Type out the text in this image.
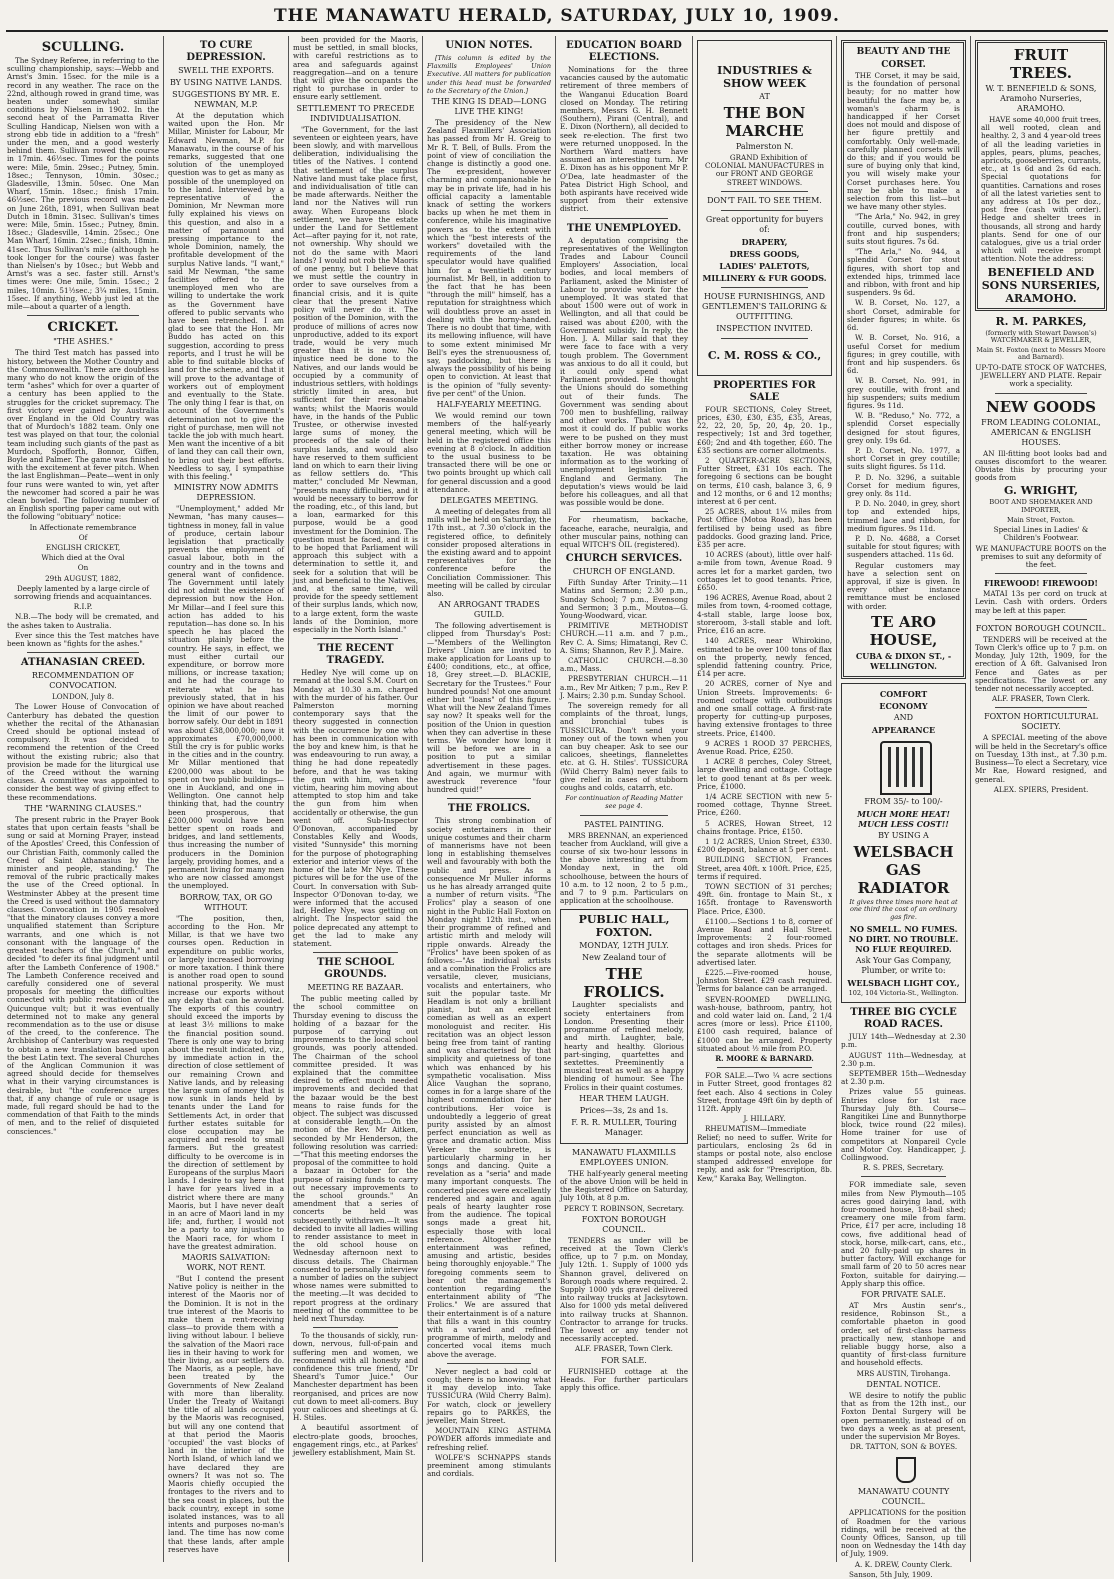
THE MANAWATU HERALD, SATURDAY, JULY 10, 1909.
SCULLING.

The Sydney Referee, in referring to the sculling championship, says:—Webb and Arnst's 3min. 15sec. for the mile is a record in any weather. The race on the 22nd, although rowed in grand time, was beaten under somewhat similar conditions by Nielsen in 1902. In the second heat of the Parramatta River Sculling Handicap, Nielsen won with a strong ebb tide in addition to a "fresh" under the men, and a good westerly behind them. Sullivan rowed the course in 17min. 46½sec. Times for the points were: Mile, 5min. 29sec.; Putney, 5min. 18sec.; Tennyson, 10min. 30sec.; Gladesville, 13min. 50sec. One Man Wharf, 15min. 18sec.; finish 17min. 46½sec. The previous record was made on June 26th, 1891, when Sullivan beat Dutch in 18min. 31sec. Sullivan's times were: Mile, 5min. 15sec.; Putney, 8min. 18sec.; Gladesville, 14min. 25sec.; One Man Wharf, 16min. 22sec.; finish, 18min. 41sec. Thus Sullivan's mile (although he took longer for the course) was faster than Nielsen's by 10sec.; but Webb and Arnst's was a sec. faster still. Arnst's times were: One mile, 5min. 15sec.; 2 miles, 10min. 51½sec.; 3¼ miles, 15min. 15sec. If anything, Webb just led at the mile—about a quarter of a length.

CRICKET.
"THE ASHES."

The third Test match has passed into history, between the Mother Country and the Commonwealth. There are doubtless many who do not know the origin of the term "ashes" which for over a quarter of a century has been applied to the struggles for the cricket supremacy. The first victory ever gained by Australia over England in the Old Country was that of Murdoch's 1882 team. Only one test was played on that tour, the colonial team including such giants of the past as Murdoch, Spofforth, Bonnor, Giffen, Boyle and Palmer. The game was finished with the excitement at fever pitch. When the last Englishman—Peate—went in only four runs were wanted to win, yet after the newcomer had scored a pair he was clean bowled. The following number of an English sporting paper came out with the following "obituary" notice:

In Affectionate remembrance

Of

ENGLISH CRICKET,

Which died at the Oval

On

29th AUGUST, 1882,

Deeply lamented by a large circle of sorrowing friends and acquaintances.

R.I.P.

N.B.—The body will be cremated, and the ashes taken to Australia.

Ever since this the Test matches have been known as "fights for the ashes."

ATHANASIAN CREED.
RECOMMENDATION OF CONVOCATION.

LONDON, July 8.

The Lower House of Convocation of Canterbury has debated the question whether the recital of the Athanasian Creed should be optional instead of compulsory. It was decided to recommend the retention of the Creed without the existing rubric; also that provision be made for the liturgical use of the Creed without the warning clauses. A committee was appointed to consider the best way of giving effect to these recommendations.

THE "WARNING CLAUSES."

The present rubric in the Prayer Book states that upon certain feasts "shall be sung or said at Morning Prayer, instead of the Apostles' Creed, this Confession of our Christian Faith, commonly called the Creed of Saint Athanasius by the minister and people, standing." The removal of the rubric practically makes the use of the Creed optional. In Westminster Abbey at the present time the Creed is used without the damnatory clauses. Convocation in 1905 resolved "that the minatory clauses convey a more unqualified statement than Scripture warrants, and one which is not consonant with the language of the greatest teachers of the Church," and decided "to defer its final judgment until after the Lambeth Conference of 1908." The Lambeth Conference received and carefully considered one of several proposals for meeting the difficulties connected with public recitation of the Quicunque vult; but it was eventually determined not to make any general recommendation as to the use or disuse of the creed, to the conference. The Archbishop of Canterbury was requested to obtain a new translation based upon the best Latin text. The several Churches of the Anglican Communion it was agreed should decide for themselves what in their varying circumstances is desirable, but "the conference urges that, if any change of rule or usage is made, full regard should be had to the commendation of that Faith to the minds of men, and to the relief of disquieted consciences."

TO CURE DEPRESSION.
SWELL THE EXPORTS.
BY USING NATIVE LANDS.
SUGGESTIONS BY MR. E. NEWMAN, M.P.

At the deputation which waited upon the Hon. Mr Millar, Minister for Labour, Mr Edward Newman, M.P. for Manawatu, in the course of his remarks, suggested that one solution of the unemployed question was to get as many as possible of the unemployed on to the land. Interviewed by a representative of the Dominion, Mr Newman more fully explained his views on this question, and also in a matter of paramount and pressing importance to the whole Dominion, namely, the profitable development of the surplus Native lands. "I want," said Mr Newman, "the same facilities offered to the unemployed men who are willing to undertake the work as the Government have offered to public servants who have been retrenched. I am glad to see that the Hon. Mr Buddo has acted on this suggestion, according to press reports, and I trust he will be able to find suitable blocks of land for the scheme, and that it will prove to the advantage of workers out of employment and eventually to the State. The only thing I fear is that, on account of the Government's determination not to give the right of purchase, men will not tackle the job with much heart. Men want the incentive of a bit of land they can call their own, to bring out their best efforts. Needless to say, I sympathise with this feeling."

MINISTRY NOW ADMITS DEPRESSION.

"Unemployment," added Mr Newman, "has many causes—tightness in money, fall in value of produce, certain labour legislation that practically prevents the employment of casual labour, both in the country and in the towns and general want of confidence. The Government until lately did not admit the existence of depression but now the Hon. Mr Millar—and I feel sure this action has added to his reputation—has done so. In his speech he has placed the situation plainly before the country. He says, in effect, we must either curtail our expenditure, or borrow more millions, or increase taxation; and he had the courage to reiterate what he has previously stated, that in his opinion we have about reached the limit of our power to borrow safely. Our debt in 1891 was about £38,000,000; now it approximates £70,000,000. Still the cry is for public works in the cities and in the country. Mr Millar mentioned that £200,000 was about to be spent on two public buildings—one in Auckland, and one in Wellington. One cannot help thinking that, had the country been prosperous, that £200,000 would have been better spent on roads and bridges, and land settlements, thus increasing the number of producers in the Dominion largely, providing homes, and a permanent living for many men who are now classed amongst the unemployed.

BORROW, TAX, OR GO WITHOUT.

"The position, then, according to the Hon. Mr Millar, is that we have two courses open. Reduction in expenditure on public works, or largely increased borrowing or more taxation. I think there is another road open to sound national prosperity. We must increase our exports without any delay that can be avoided. The exports of this country should exceed the imports by at least 3½ millions to make the financial position sound. There is only one way to bring about the result indicated, viz., by immediate action in the direction of close settlement of our remaining Crown and Native lands, and by releasing the large sum of money that is now sunk in lands held by tenants under the Land for Settlements Act, in order that further estates suitable for close occupation may be acquired and resold to small farmers. But the greatest difficulty to be overcome is in the direction of settlement by Europeans of the surplus Maori lands. I desire to say here that I have for years lived in a district where there are many Maoris, but I have never dealt in an acre of Maori land in my life; and, further, I would not be a party to any injustice to the Maori race, for whom I have the greatest admiration.

MAORIS SALVATION: WORK, NOT RENT.

"But I contend the present Native policy is neither in the interest of the Maoris nor of the Dominion. It is not in the true interest of the Maoris to make them a rent-receiving class—to provide them with a living without labour. I believe the salvation of the Maori race lies in their having to work for their living, as our settlers do. The Maoris, as a people, have been treated by the Governments of New Zealand with more than liberality. Under the Treaty of Waitangi the title of all lands occupied by the Maoris was recognised, but will any one contend that at that period the Maoris 'occupied' the vast blocks of land in the interior of the North Island, of which land we have declared they are owners? It was not so. The Maoris chiefly occupied the frontages to the rivers and to the sea coast in places, but the back country, except in some isolated instances, was to all intents and purposes no-man's land. The time has now come that these lands, after ample reserves have

been provided for the Maoris, must be settled, in small blocks, with careful restrictions as to area and safeguards against reaggregation—and on a tenure that will give the occupants the right to purchase in order to ensure early settlement.

SETTLEMENT TO PRECEDE INDIVIDUALISATION.

"The Government, for the last seventeen or eighteen years, have been slowly, and with marvellous deliberation, individualising the titles of the Natives. I contend that settlement of the surplus Native land must take place first, and individualisation of title can be made afterwards. Neither the land nor the Natives will run away. When Europeans block settlement, we have the estate under the Land for Settlement Act—after paying for it, not rate, not ownership. Why should we not do the same with Maori lands? I would not rob the Maoris of one penny, but I believe that we must settle the country in order to save ourselves from a financial crisis, and it is quite clear that the present Native policy will never do it. The position of the Dominion, with the produce of millions of acres now unproductive, added to its export trade, would be very much greater than it is now. No injustice need be done to the Natives, and our lands would be occupied by a community of industrious settlers, with holdings strictly limited in area, but sufficient for their reasonable wants; whilst the Maoris would have, in the hands of the Public Trustee, or otherwise invested large sums of money, the proceeds of the sale of their surplus lands, and would also have reserved to them sufficient land on which to earn their living as fellow settlers do. "This matter," concluded Mr Newman, "presents many difficulties, and it would be necessary to borrow for the roading, etc., of this land, but a loan, earmarked for this purpose, would be a good investment for the Dominion. The question must be faced, and it is to be hoped that Parliament will approach this subject with a determination to settle it, and seek for a solution that will be just and beneficial to the Natives, and, at the same time, will provide for the speedy settlement of their surplus lands, which now, to a large extent, form the waste lands of the Dominion, more especially in the North Island."

THE RECENT TRAGEDY.

Hedley Nye will come up on remand at the local S.M. Court on Monday at 10.30 a.m. charged with the murder of his father. Our Palmerston morning contemporary says that the theory suggested in connection with the occurrence by one who has been in communication with the boy and knew him, is that he was endeavouring to run away, a thing he had done repeatedly before, and that he was taking the gun with him, when the victim, hearing him moving about attempted to stop him and take the gun from him when accidentally or otherwise, the gun went off. Sub-Inspector O'Donovan, accompanied by Constables Kelly and Woods, visited "Sunnyside" this morning for the purpose of photographing exterior and interior views of the home of the late Mr Nye. These pictures will be for the use of the Court. In conversation with Sub-Inspector O'Donovan to-day, we were informed that the accused lad, Hedley Nye, was getting on alright. The Inspector said the police deprecated any attempt to get the lad to make any statement.

THE SCHOOL GROUNDS.
MEETING RE BAZAAR.

The public meeting called by the school committee on Thursday evening to discuss the holding of a bazaar for the purpose of carrying out improvements to the local school grounds, was poorly attended. The Chairman of the school committee presided. It was explained that the committee desired to effect much needed improvements and decided that the bazaar would be the best means to raise funds for the object. The subject was discussed at considerable length.—On the motion of the Rev. Mr Aitken, seconded by Mr Henderson, the following resolution was carried:—"That this meeting endorses the proposal of the committee to hold a bazaar in October for the purpose of raising funds to carry out necessary improvements to the school grounds." An amendment that a series of concerts be held was subsequently withdrawn.—It was decided to invite all ladies willing to render assistance to meet in the old school house on Wednesday afternoon next to discuss details. The Chairman consented to personally interview a number of ladies on the subject whose names were submitted to the meeting.—It was decided to report progress at the ordinary meeting of the committee to be held next Thursday.

To the thousands of sickly, run-down, nervous, full-of-pain and suffering men and women, we recommend with all honesty and confidence this true friend, "Dr Sheard's Tumor Juice." Our Manchester department has been reorganised, and prices are now cut down to meet all-comers. Buy your calicoes and sheetings at G. H. Stiles.

A beautiful assortment of electro-plate goods, brooches, engagement rings, etc., at Parkes' jewellery establishment, Main St.

UNION NOTES.

[This column is edited by the Flaxmills Employees' Union Executive. All matters for publication under this head must be forwarded to the Secretary of the Union.]

THE KING IS DEAD—LONG LIVE THE KING!

The presidency of the New Zealand Flaxmillers' Association has passed from Mr H. Greig to Mr R. T. Bell, of Bulls. From the point of view of conciliation the change is distinctly a good one. The ex-president, however charming and companionable he may be in private life, had in his official capacity a lamentable knack of setting the workers backs up when he met them in conference, while his imaginative powers as to the extent with which the "best interests of the workers" dovetailed with the requirements of the land speculator would have qualified him for a twentieth century journalist. Mr Bell, in addition to the fact that he has been "through the mill" himself, has a reputation for straightness which will doubtless prove an asset in dealing with the horny-handed. There is no doubt that time, with its mellowing influence, will have to some extent minimised Mr Bell's eyes the strenuousness of, say, paddocking, but there is always the possibility of his being open to conviction. At least that is the opinion of "fully seventy-five per cent" of the Union.

HALF-YEARLY MEETING.

We would remind our town members of the half-yearly general meeting, which will be held in the registered office this evening at 8 o'clock. In addition to the usual business to be transacted there will be one or two points brought up which call for general discussion and a good attendance.

DELEGATES MEETING.

A meeting of delegates from all mills will be held on Saturday, the 17th inst., at 7.30 o'clock in the registered office, to definitely consider proposed alterations in the existing award and to appoint representatives for the conference before the Conciliation Commissioner. This meeting will be called by circular also.

AN ARROGANT TRADES GUILD.

The following advertisement is clipped from Thursday's Post:—"Members of the Wellington Drivers' Union are invited to make application for Loans up to £400; conditions, etc., at office, 18, Grey street.—D. BLACKIE, Secretary for the Trustees." Four hundred pounds! Not one amount either but "loans" of this figure. What will the New Zealand Times say now? It speaks well for the position of the Union in question when they can advertise in these terms. We wonder how long it will be before we are in a position to put a similar advertisement in these pages. And again, we murmur with awestruck reverence "four hundred quid!"

THE FROLICS.

This strong combination of society entertainers in their unique costumes and their charm of mannerisms have not been long in establishing themselves well and favourably with both the public and press. As a consequence Mr Muller informs us he has already arranged quite a number of return visits. "The Frolics" play a season of one night in the Public Hall Foxton on Monday night 12th inst., when their programme of refined and artistic mirth and melody will ripple onwards. Already the "Frolics" have been spoken of as follows:—"As individual artists and a combination the Frolics are versatile, clever, musicians, vocalists and entertainers, who suit the popular taste. Mr Headlam is not only a brilliant pianist, but an excellent comedian as well as an expert monologuist and reciter. His recitation was an object lesson being free from taint of ranting and was characterised by that simplicity and quietness of tone which was enhanced by his sympathetic vocalisation. Miss Alice Vaughan the soprano, comes in for a large share of the highest commendation for her contributions. Her voice is undoubtedly a leggerio of great purity assisted by an almost perfect enunciation as well as grace and dramatic action. Miss Vereker the soubrette, is particularly charming in her songs and dancing. Quite a revelation as a "seria" and made many important conquests. The concerted pieces were excellently rendered and again and again peals of hearty laughter rose from the audience. The topical songs made a great hit, especially those with local reference. Altogether the entertainment was refined, amusing and artistic, besides being thoroughly enjoyable." The foregoing comments seem to bear out the management's contention regarding the entertainment ability of "The Frolics." We are assured that their entertainment is of a nature that fills a want in this country with a varied and refined programme of mirth, melody and concerted vocal items much above the average.

Never neglect a bad cold or cough; there is no knowing what it may develop into. Take TUSSICURA (Wild Cherry Balm). For watch, clock or jewellery repairs go to PARKES, the jeweller, Main Street.

MOUNTAIN KING ASTHMA POWDER affords immediate and refreshing relief.

WOLFE'S SCHNAPPS stands preeminent among stimulants and cordials.

EDUCATION BOARD ELECTIONS.

Nominations for the three vacancies caused by the automatic retirement of three members of the Wanganui Education Board closed on Monday. The retiring members, Messrs G. H. Bennett (Southern), Pirani (Central), and E. Dixon (Northern), all decided to seek re-election. The first two were returned unopposed. In the Northern Ward matters have assumed an interesting turn. Mr E. Dixon has as his opponent Mr P. O'Dea, late headmaster of the Patea District High School, and both aspirants have received wide support from their extensive district.

THE UNEMPLOYED.

A deputation comprising the representatives of the Wellington Trades and Labour Council Employers' Association, local bodies, and local members of Parliament, asked the Minister of Labour to provide work for the unemployed. It was stated that about 1500 were out of work in Wellington, and all that could be raised was about £200, with the Government subsidy. In reply, the Hon. J. A. Millar said that they were face to face with a very tough problem. The Government was anxious to do all it could, but it could only spend what Parliament provided. He thought the Unions should do something out of their funds. The Government was sending about 700 men to bushfelling, railway and other works. That was the most it could do. If public works were to be pushed on they must either borrow money or increase taxation. He was obtaining information as to the working of unemployment legislation in England and Germany. The deputation's views would be laid before his colleagues, and all that was possible would be done.

For rheumatism, backache, faceache, earache, neuralgia, and other muscular pains, nothing can equal WITCH'S OIL (registered).

CHURCH SERVICES.
CHURCH OF ENGLAND.

Fifth Sunday After Trinity.—11 Matins and Sermon; 2.30 p.m., Sunday School; 7 p.m., Evensong and Sermon; 3 p.m., Moutoa—G. Young-Woodward, vicar.

PRIMITIVE METHODIST CHURCH.—11 a.m. and 7 p.m., Rev C. A. Sims; Himatangi, Rev C. A. Sims; Shannon, Rev P. J. Maire.

CATHOLIC CHURCH.—8.30 a.m., Mass.

PRESBYTERIAN CHURCH.—11 a.m., Rev Mr Aitken; 7 p.m., Rev P. J. Mairs; 2.30 p.m. Sunday School.

The sovereign remedy for all complaints of the throat, lungs, and bronchial tubes is TUSSICURA. Don't send your money out of the town when you can buy cheaper. Ask to see our calicoes, sheetings, flannelettes etc. at G. H. Stiles'. TUSSICURA (Wild Cherry Balm) never fails to give relief in cases of stubborn coughs and colds, catarrh, etc.

For continuation of Reading Matter see page 4.

PASTEL PAINTING.

MRS BRENNAN, an experienced teacher from Auckland, will give a course of six two-hour lessons in the above interesting art from Monday next, in the old schoolhouse, between the hours of 10 a.m. to 12 noon, 2 to 5 p.m., and 7 to 9 p.m. Particulars on application at the schoolhouse.

PUBLIC HALL, FOXTON.
MONDAY, 12TH JULY.
New Zealand tour of
THE FROLICS.

Laughter specialists and society entertainers from London. Presenting their programme of refined melody, and mirth. Laughter, bale, hearty and healthy. Glorious part-singing, quartettes and sextettes. Preeminently a musical treat as well as a happy blending of humour. See The Frolics in their quaint costumes.

HEAR THEM LAUGH.
Prices—3s, 2s and 1s.
F. R. R. MULLER, Touring Manager.
MANAWATU FLAXMILLS EMPLOYEES UNION.

THE half-yearly general meeting of the above Union will be held in the Registered Office on Saturday, July 10th, at 8 p.m.

PERCY T. ROBINSON, Secretary.

FOXTON BOROUGH COUNCIL.

TENDERS as under will be received at the Town Clerk's office, up to 7 p.m. on Monday, July 12th. 1. Supply of 1000 yds Shannon gravel, delivered on Borough roads where required. 2. Supply 1000 yds gravel delivered into railway trucks at Jacksytown. Also for 1000 yds metal delivered into railway trucks at Shannon. Contractor to arrange for trucks. The lowest or any tender not necessarily accepted.

ALF. FRASER, Town Clerk.

FOR SALE.

FURNISHED cottage at the Heads. For further particulars apply this office.

INDUSTRIES & SHOW WEEK
AT
THE BON MARCHE
Palmerston N.

GRAND Exhibition of COLONIAL MANUFACTURES in our FRONT AND GEORGE STREET WINDOWS.

DON'T FAIL TO SEE THEM.
Great opportunity for buyers of:
DRAPERY,
DRESS GOODS,
LADIES' PALETOTS,
MILLINERY & FUR GOODS.
HOUSE FURNISHINGS, AND GENTLEMEN'S TAILORING & OUTFITTING.
INSPECTION INVITED.
C. M. ROSS & CO.,
PROPERTIES FOR SALE

FOUR SECTIONS, Coley Street, prices, £30, £30, £35, £35, Areas, 22, 22, 20, 5p, 20, 4p, 20. 1p., respectively; 1st and 3rd together, £60; 2nd and 4th together, £60. The £35 sections are corner allotments.

2 QUARTER-ACRE SECTIONS, Futter Street, £31 10s each. The foregoing 6 sections can be bought on terms, £10 cash, balance 3, 6, 9 and 12 months, or 6 and 12 months; interest at 6 per cent.

25 ACRES, about 1¼ miles from Post Office (Motoa Road), has been fertilised by being used as fibre paddocks. Good grazing land. Price, £35 per acre.

10 ACRES (about), little over half-a-mile from town, Avenue Road. 9 acres let for a market garden, two cottages let to good tenants. Price, £650.

196 ACRES, Avenue Road, about 2 miles from town, 4-roomed cottage, 4-stall stable, large loose box, storeroom, 3-stall stable and loft. Price, £16 an acre.

140 ACRES, near Whirokino, estimated to be over 100 tons of flax on the property, newly fenced, splendid fattening country. Price, £14 per acre.

20 ACRES, corner of Nye and Union Streets. Improvements: 6-roomed cottage with outbuildings and one small cottage. A first-rate property for cutting-up purposes, having extensive frontages to three streets. Price, £1400.

9 ACRES 1 ROOD 37 PERCHES, Avenue Road. Price, £250.

1 ACRE 8 perches, Coley Street, large dwelling and cottage. Cottage let to good tenant at 8s per week. Price, £1000.

1/4 ACRE SECTION with new 5-roomed cottage, Thynne Street. Price, £260.

5 ACRES, Howan Street, 12 chains frontage. Price, £150.

1 1/2 ACRES, Union Street, £330. £200 deposit, balance at 5 per cent.

BUILDING SECTION, Frances Street, area 40ft. x 100ft. Price, £25, terms if required.

TOWN SECTION of 31 perches; 49ft. 6in. frontage to Main St., x 165ft. frontage to Ravensworth Place. Price, £300.

£1100.—Sections 1 to 8, corner of Avenue Road and Hall Street. Improvements: 2 four-roomed cottages and iron sheds. Prices for the separate allotments will be advertised later.

£225.—Five-roomed house, Johnston Street. £29 cash required. Terms for balance can be arranged.

SEVEN-ROOMED DWELLING, wash-house, bathroom, pantry, hot and cold water laid on. Land, 2 1/4 acres (more or less). Price £1100, £100 cash required, balance of £1000 can be arranged. Property situated about ½ mile from P.O.

R. MOORE & BARNARD.

FOR SALE.—Two ¼ acre sections in Futter Street, good frontages 82 feet each. Also 4 sections in Coley Street, frontage 49ft 6in by depth of 112ft. Apply

J. HILLARY.

RHEUMATISM—Immediate Relief; no need to suffer. Write for particulars, enclosing 2s 6d in stamps or postal note, also enclose stamped addressed envelope for reply, and ask for "Prescription, 8b. Kew," Karaka Bay, Wellington.

BEAUTY AND THE CORSET.

THE Corset, it may be said, is the foundation of personal beauty; for no matter how beautiful the face may be, a woman's charm is handicapped if her Corset does not mould and dispose of her figure prettily and comfortably. Only well-made, carefully planned corsets will do this; and if you would be sure of buying only that kind, you will wisely make your Corset purchases here. You may be able to make a selection from this list—but we have many other styles.

"The Arla," No. 942, in grey coutille, curved bones, with front and hip suspenders; suits stout figures. 7s 6d.

"The Arla," No. 944, a splendid Corset for stout figures, with short top and extended hips, trimmed lace and ribbon, with front and hip suspenders. 9s 6d.

W. B. Corset, No. 127, a short Corset, admirable for slender figures; in white. 6s 6d.

W. B. Corset, No. 916, a useful Corset for medium figures; in grey coutille, with front and hip suspenders. 6s 6d.

W. B. Corset, No. 991, in grey coutille, with front and hip suspenders; suits medium figures. 9s 11d.

W. B. "Reduso," No. 772, a splendid Corset especially designed for stout figures, grey only. 19s 6d.

P. D. Corset, No. 1977, a short Corset in grey coutille; suits slight figures. 5s 11d.

P. D. No. 3296, a suitable Corset for medium figures, grey only. 8s 11d.

P. D. No. 2040, in grey, short top and extended hips, trimmed lace and ribbon, for medium figures. 9s 11d.

P. D. No. 4688, a Corset suitable for stout figures; with suspenders attached. 11s 6d.

Regular customers may have a selection sent on approval, if size is given. In every other instance remittance must be enclosed with order.

TE ARO HOUSE,
CUBA & DIXON ST., - WELLINGTON.
COMFORT
ECONOMY
AND
APPEARANCE
FROM 35/- to 100/-
MUCH MORE HEAT! MUCH LESS COST!!
BY USING A
WELSBACH GAS RADIATOR
It gives three times more heat at one third the cost of an ordinary gas fire.
NO SMELL. NO FUMES. NO DIRT. NO TROUBLE. NO FLUE REQUIRED.
Ask Your Gas Company, Plumber, or write to:
WELSBACH LIGHT COY.,
102, 104 Victoria-St., Wellington.
THREE BIG CYCLE ROAD RACES.

JULY 14th—Wednesday at 2.30 p.m.

AUGUST 11th—Wednesday, at 2.30 p.m.

SEPTEMBER 15th—Wednesday at 2.30 p.m.

Prizes value 55 guineas. Entries close for 1st race Thursday July 8th. Course—Rangitikei Line and Bunnythorpe block, twice round (22 miles). Home trainer for use of competitors at Nonpareil Cycle and Motor Coy. Handicapper, J. Collingwood.

R. S. PRES, Secretary.

FOR immediate sale, seven miles from New Plymouth—105 acres good dairying land, with four-roomed house, 18-bail shed; creamery one mile from farm. Price, £17 per acre, including 18 cows, five additional head of stock, horse, milk-cart, cans, etc., and 20 fully-paid up shares in butter factory. Will exchange for small farm of 20 to 50 acres near Foxton, suitable for dairying.—Apply sharp this office.

FOR PRIVATE SALE.

AT Mrs Austin senr's., residence, Robinson St., a comfortable phaeton in good order, set of first-class harness practically new, stanhope and reliable buggy horse, also a quantity of first-class furniture and household effects.

MRS AUSTIN, Tirohanga.

DENTAL NOTICE.

WE desire to notify the public that as from the 12th inst., our Foxton Dental Surgery will be open permanently, instead of on two days a week as at present, under the supervision Mr Boyes.

DR. TATTON, SON & BOYES.

MANAWATU COUNTY COUNCIL.

APPLICATIONS for the position of Roadmen for the various ridings, will be received at the County Offices, Sanson, up till noon on Wednesday the 14th day of July, 1909.

A. K. DREW, County Clerk.

Sanson, 5th July, 1909.

FRUIT TREES.
W. T. BENEFIELD & SONS, Aramoho Nurseries, ARAMOHO.

HAVE some 40,000 fruit trees, all well rooted, clean and healthy. 2, 3 and 4 year-old trees of all the leading varieties in apples, pears, plums, peaches, apricots, gooseberries, currants, etc., at 1s 6d and 2s 6d each. Special quotations for quantities. Carnations and roses of all the latest varieties sent to any address at 10s per doz., post free (cash with order). Hedge and shelter trees in thousands, all strong and hardy plants. Send for one of our catalogues, give us a trial order which will receive prompt attention. Note the address:

BENEFIELD AND SONS NURSERIES, ARAMOHO.
R. M. PARKES,
(formerly with Stewart Dawson's) WATCHMAKER & JEWELLER,
Main St. Foxton (next to Messrs Moore and Barnard).

UP-TO-DATE STOCK OF WATCHES, JEWELLERY AND PLATE. Repair work a speciality.

NEW GOODS
FROM LEADING COLONIAL, AMERICAN & ENGLISH HOUSES.

AN Ill-fitting boot looks bad and causes discomfort to the wearer. Obviate this by procuring your goods from

G. WRIGHT,
BOOT AND SHOEMAKER AND IMPORTER,
Main Street, Foxton.

Special Lines in Ladies' & Children's Footwear.

WE MANUFACTURE BOOTS on the premises to suit any deformity of the feet.

FIREWOOD! FIREWOOD!

MATAI 13s per cord on truck at Levin. Cash with orders. Orders may be left at this paper.

FOXTON BOROUGH COUNCIL.

TENDERS will be received at the Town Clerk's office up to 7 p.m. on Monday, July 12th, 1909, for the erection of A 6ft. Galvanised Iron Fence and Gates as per specifications. The lowest or any tender not necessarily accepted.

ALF. FRASER, Town Clerk.

FOXTON HORTICULTURAL SOCIETY.

A SPECIAL meeting of the above will be held in the Secretary's office on Tuesday, 13th inst., at 7.30 p.m. Business—To elect a Secretary, vice Mr Rae, Howard resigned, and general.

ALEX. SPIERS, President.
